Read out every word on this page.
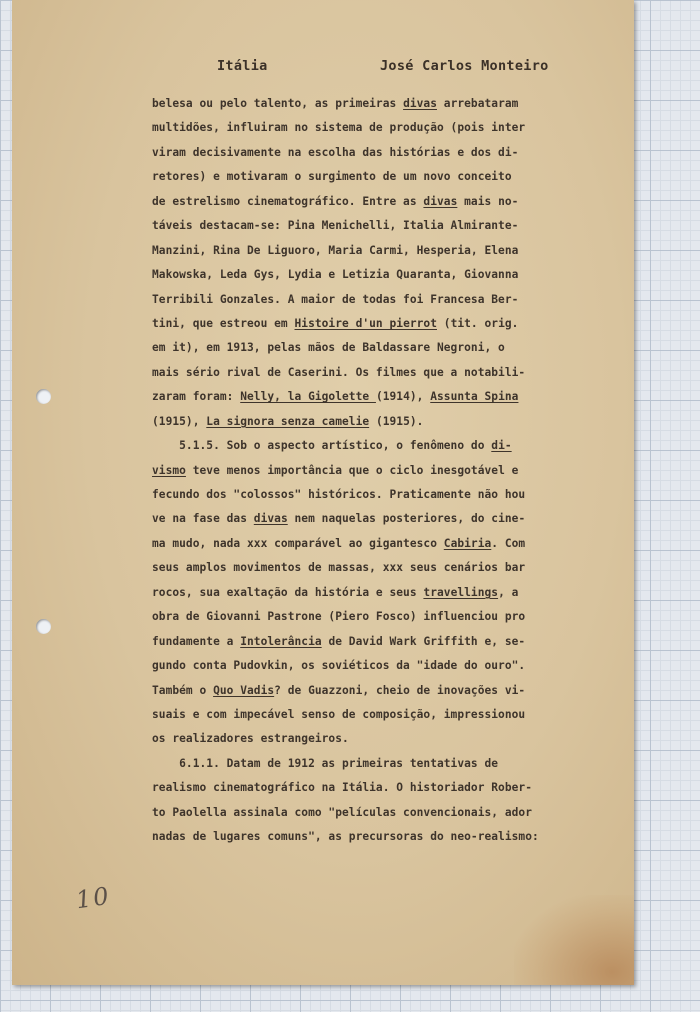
Itália	José Carlos Monteiro
belesa ou pelo talento, as primeiras divas arrebataram
multidões, influiram no sistema de produção (pois inter
viram decisivamente na escolha das histórias e dos di-
retores) e motivaram o surgimento de um novo conceito
de estrelismo cinematográfico. Entre as divas mais no-
táveis destacam-se: Pina Menichelli, Italia Almirante-
Manzini, Rina De Liguoro, Maria Carmi, Hesperia, Elena
Makowska, Leda Gys, Lydia e Letizia Quaranta, Giovanna
Terribili Gonzales. A maior de todas foi Francesa Ber-
tini, que estreou em Histoire d'un pierrot (tit. orig.
em it), em 1913, pelas mãos de Baldassare Negroni, o
mais sério rival de Caserini. Os filmes que a notabili-
zaram foram: Nelly, la Gigolette (1914), Assunta Spina
(1915), La signora senza camelie (1915).
5.1.5. Sob o aspecto artístico, o fenômeno do di-
vismo teve menos importância que o ciclo inesgotável e
fecundo dos "colossos" históricos. Praticamente não hou
ve na fase das divas nem naquelas posteriores, do cine-
ma mudo, nada xxx comparável ao gigantesco Cabiria. Com
seus amplos movimentos de massas, xxx seus cenários bar
rocos, sua exaltação da história e seus travellings, a
obra de Giovanni Pastrone (Piero Fosco) influenciou pro
fundamente a Intolerância de David Wark Griffith e, se-
gundo conta Pudovkin, os soviéticos da "idade do ouro".
Também o Quo Vadis? de Guazzoni, cheio de inovações vi-
suais e com impecável senso de composição, impressionou
os realizadores estrangeiros.
6.1.1. Datam de 1912 as primeiras tentativas de
realismo cinematográfico na Itália. O historiador Rober-
to Paolella assinala como "películas convencionais, ador
nadas de lugares comuns", as precursoras do neo-realismo:
10
